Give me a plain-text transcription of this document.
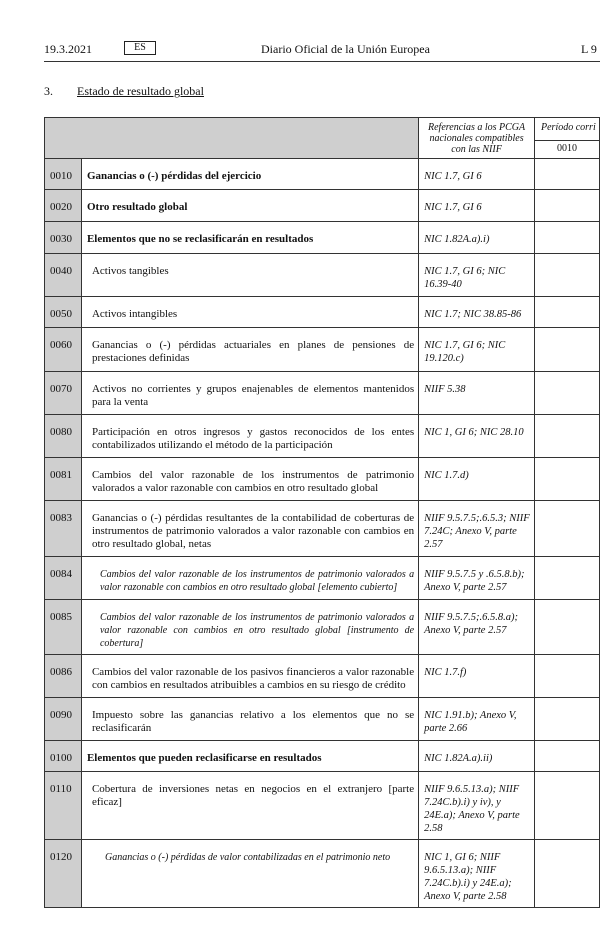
19.3.2021	ES	Diario Oficial de la Unión Europea	L 9
3. Estado de resultado global
		Referencias a los PCGA nacionales compatibles con las NIIF	Período corri
			0010
0010	Ganancias o (-) pérdidas del ejercicio	NIC 1.7, GI 6	
0020	Otro resultado global	NIC 1.7, GI 6	
0030	Elementos que no se reclasificarán en resultados	NIC 1.82A.a).i)	
0040	Activos tangibles	NIC 1.7, GI 6; NIC 16.39-40	
0050	Activos intangibles	NIC 1.7; NIC 38.85-86	
0060	Ganancias o (-) pérdidas actuariales en planes de pensiones de prestaciones definidas	NIC 1.7, GI 6; NIC 19.120.c)	
0070	Activos no corrientes y grupos enajenables de elementos mantenidos para la venta	NIIF 5.38	
0080	Participación en otros ingresos y gastos reconocidos de los entes contabilizados utilizando el método de la participación	NIC 1, GI 6; NIC 28.10	
0081	Cambios del valor razonable de los instrumentos de patrimonio valorados a valor razonable con cambios en otro resultado global	NIC 1.7.d)	
0083	Ganancias o (-) pérdidas resultantes de la contabilidad de coberturas de instrumentos de patrimonio valorados a valor razonable con cambios en otro resultado global, netas	NIIF 9.5.7.5;.6.5.3; NIIF 7.24C; Anexo V, parte 2.57	
0084	Cambios del valor razonable de los instrumentos de patrimonio valorados a valor razonable con cambios en otro resultado global [elemento cubierto]	NIIF 9.5.7.5 y .6.5.8.b); Anexo V, parte 2.57	
0085	Cambios del valor razonable de los instrumentos de patrimonio valorados a valor razonable con cambios en otro resultado global [instrumento de cobertura]	NIIF 9.5.7.5;.6.5.8.a); Anexo V, parte 2.57	
0086	Cambios del valor razonable de los pasivos financieros a valor razonable con cambios en resultados atribuibles a cambios en su riesgo de crédito	NIC 1.7.f)	
0090	Impuesto sobre las ganancias relativo a los elementos que no se reclasificarán	NIC 1.91.b); Anexo V, parte 2.66	
0100	Elementos que pueden reclasificarse en resultados	NIC 1.82A.a).ii)	
0110	Cobertura de inversiones netas en negocios en el extranjero [parte eficaz]	NIIF 9.6.5.13.a); NIIF 7.24C.b).i) y iv), y 24E.a); Anexo V, parte 2.58	
0120	Ganancias o (-) pérdidas de valor contabilizadas en el patrimonio neto	NIC 1, GI 6; NIIF 9.6.5.13.a); NIIF 7.24C.b).i) y 24E.a); Anexo V, parte 2.58	
